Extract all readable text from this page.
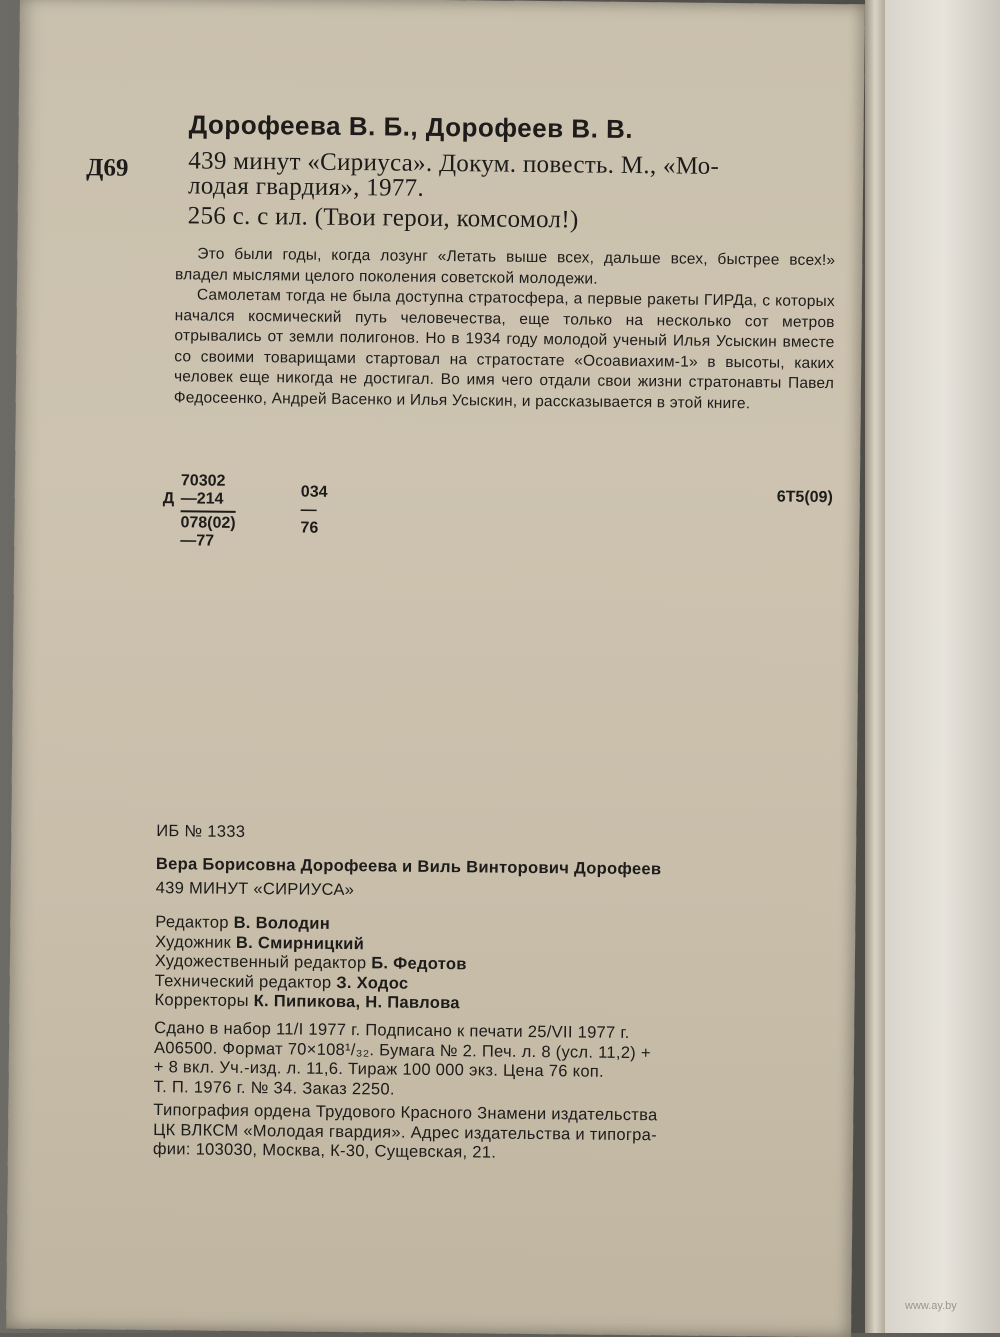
Дорофеева В. Б., Дорофеев В. В.
Д69 439 минут «Сириуса». Докум. повесть. М., «Мо-
лодая гвардия», 1977.
256 с. с ил. (Твои герои, комсомол!)

Это были годы, когда лозунг «Летать выше всех, дальше всех, быстрее всех!» владел мыслями целого поколения советской молодежи.

Самолетам тогда не была доступна стратосфера, а первые ракеты ГИРДа, с которых начался космический путь человечества, еще только на несколько сот метров отрывались от земли полигонов. Но в 1934 году молодой ученый Илья Усыскин вместе со своими товарищами стартовал на стратостате «Осоавиахим-1» в высоты, каких человек еще никогда не достигал. Во имя чего отдали свои жизни стратонавты Павел Федосеенко, Андрей Васенко и Илья Усыскин, и рассказывается в этой книге.

Д $\frac{70302—214}{078(02)—77}$	034—76
6Т5(09)
ИБ № 1333
Вера Борисовна Дорофеева и Виль Винторович Дорофеев
439 МИНУТ «СИРИУСА»
Редактор В. Володин
Художник В. Смирницкий
Художественный редактор Б. Федотов
Технический редактор З. Ходос
Корректоры К. Пипикова, Н. Павлова
Сдано в набор 11/I 1977 г. Подписано к печати 25/VII 1977 г.
А06500. Формат 70×108¹/₃₂. Бумага № 2. Печ. л. 8 (усл. 11,2) +
+ 8 вкл. Уч.-изд. л. 11,6. Тираж 100 000 экз. Цена 76 коп.
Т. П. 1976 г. № 34. Заказ 2250.
Типография ордена Трудового Красного Знамени издательства
ЦК ВЛКСМ «Молодая гвардия». Адрес издательства и типогра-
фии: 103030, Москва, К-30, Сущевская, 21.
www.ay.by
